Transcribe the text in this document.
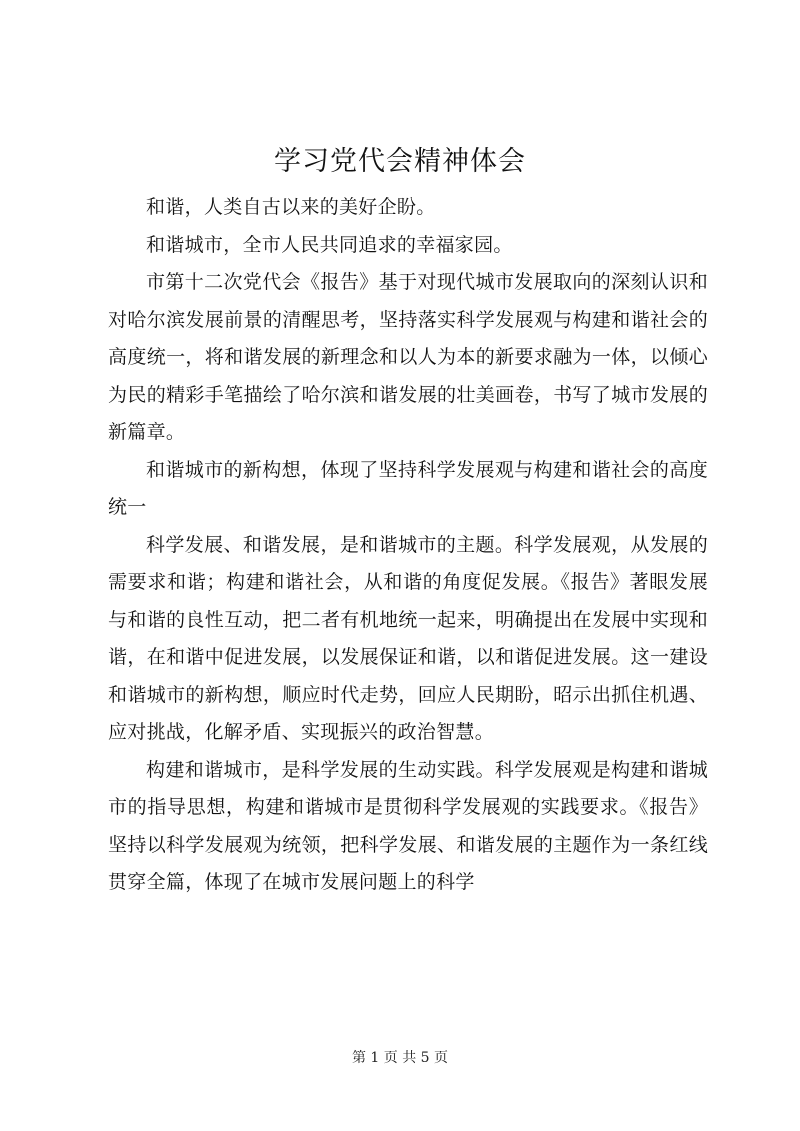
学习党代会精神体会

和谐，人类自古以来的美好企盼。

和谐城市，全市人民共同追求的幸福家园。

市第十二次党代会《报告》基于对现代城市发展取向的深刻认识和对哈尔滨发展前景的清醒思考，坚持落实科学发展观与构建和谐社会的高度统一，将和谐发展的新理念和以人为本的新要求融为一体，以倾心为民的精彩手笔描绘了哈尔滨和谐发展的壮美画卷，书写了城市发展的新篇章。

和谐城市的新构想，体现了坚持科学发展观与构建和谐社会的高度统一

科学发展、和谐发展，是和谐城市的主题。科学发展观，从发展的需要求和谐；构建和谐社会，从和谐的角度促发展。《报告》著眼发展与和谐的良性互动，把二者有机地统一起来，明确提出在发展中实现和谐，在和谐中促进发展，以发展保证和谐，以和谐促进发展。这一建设和谐城市的新构想，顺应时代走势，回应人民期盼，昭示出抓住机遇、应对挑战，化解矛盾、实现振兴的政治智慧。

构建和谐城市，是科学发展的生动实践。科学发展观是构建和谐城市的指导思想，构建和谐城市是贯彻科学发展观的实践要求。《报告》坚持以科学发展观为统领，把科学发展、和谐发展的主题作为一条红线贯穿全篇，体现了在城市发展问题上的科学

第 1 页 共 5 页
